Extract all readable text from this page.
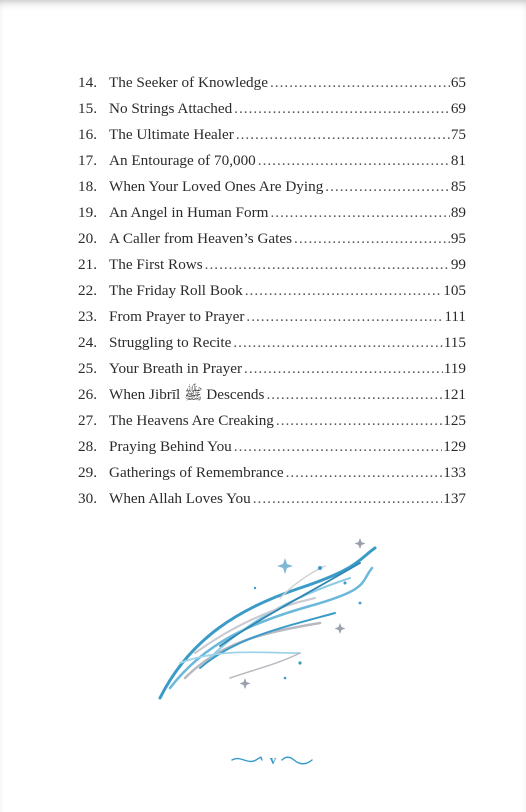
14. The Seeker of Knowledge .....	65
15. No Strings Attached .....	69
16. The Ultimate Healer .....	75
17. An Entourage of 70,000 .....	81
18. When Your Loved Ones Are Dying .....	85
19. An Angel in Human Form .....	89
20. A Caller from Heaven’s Gates .....	95
21. The First Rows .....	99
22. The Friday Roll Book .....	105
23. From Prayer to Prayer .....	111
24. Struggling to Recite .....	115
25. Your Breath in Prayer .....	119
26. When Jibrīl ﷺ Descends .....	121
27. The Heavens Are Creaking .....	125
28. Praying Behind You .....	129
29. Gatherings of Remembrance .....	133
30. When Allah Loves You .....	137
v
